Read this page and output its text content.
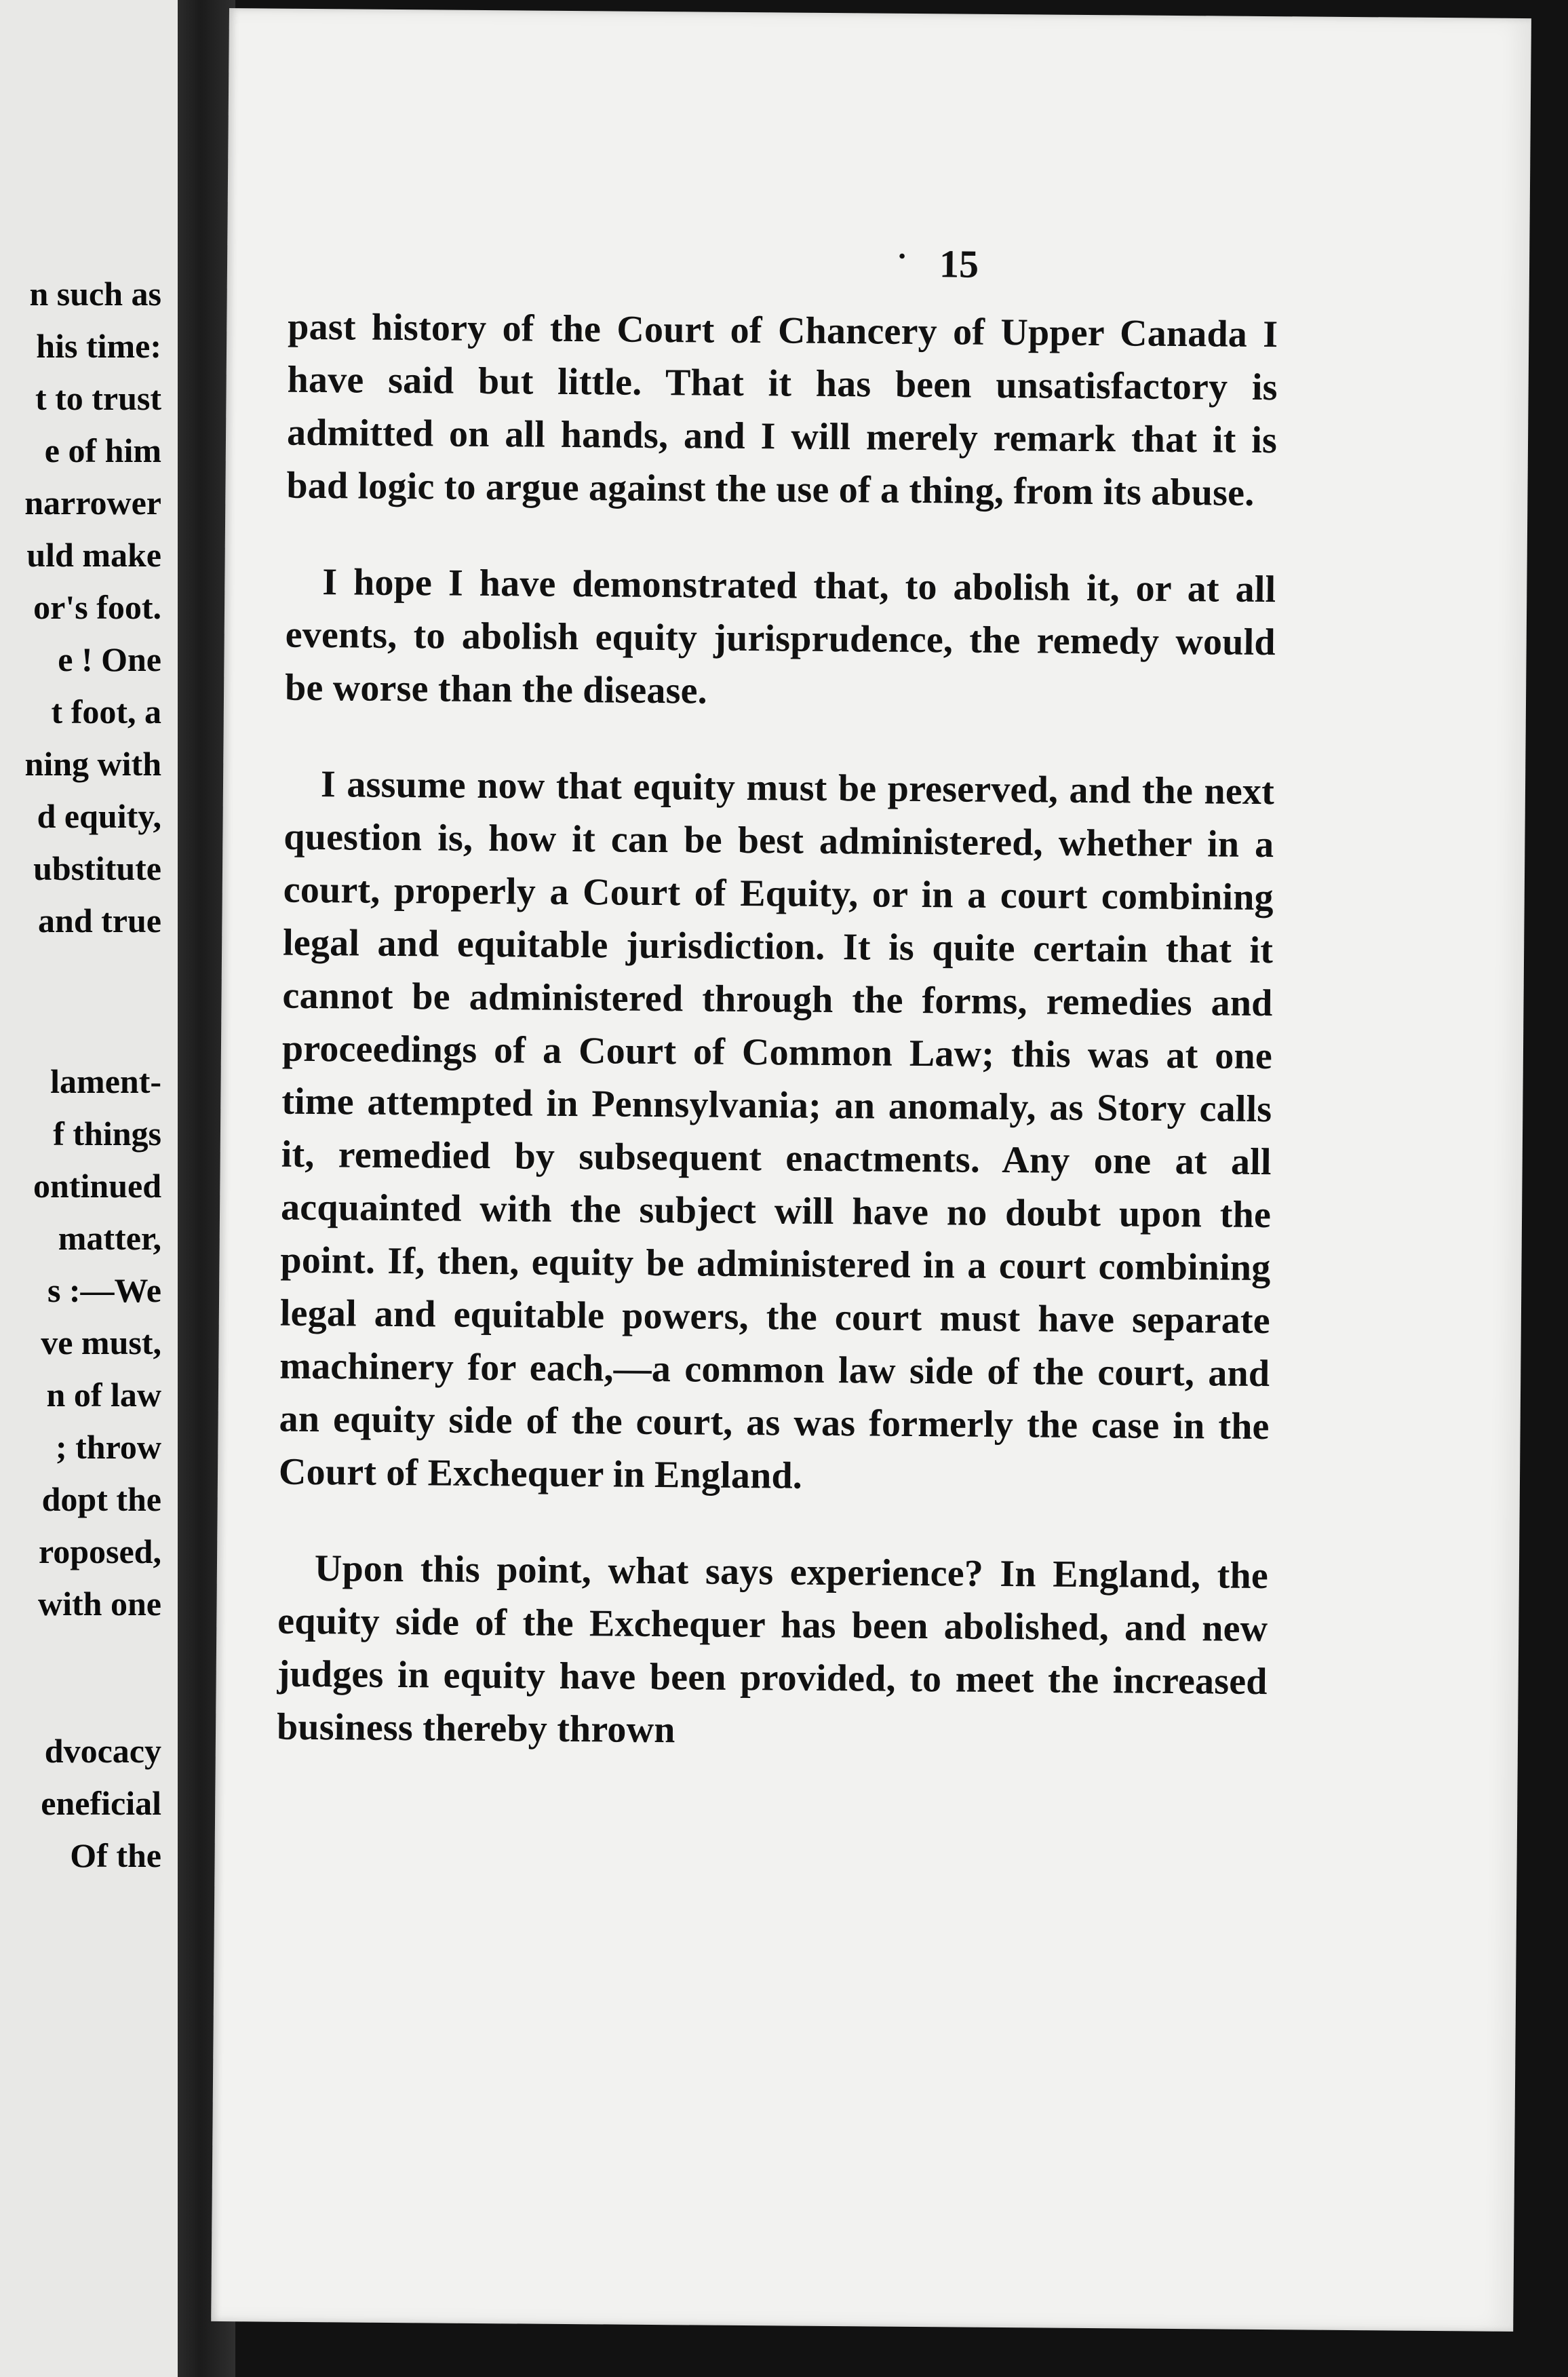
n such as
his time:
t to trust
e of him
narrower
uld make
or's foot.
e ! One
t foot, a
ning with
d equity,
ubstitute
and true
lament-
f things
ontinued
matter,
s :—We
ve must,
n of law
; throw
dopt the
roposed,
with one
dvocacy
eneficial
Of the
• 15

past history of the Court of Chancery of Upper Canada I have said but little. That it has been unsatisfactory is admitted on all hands, and I will merely remark that it is bad logic to argue against the use of a thing, from its abuse.

I hope I have demonstrated that, to abolish it, or at all events, to abolish equity jurisprudence, the remedy would be worse than the disease.

I assume now that equity must be preserved, and the next question is, how it can be best administered, whether in a court, properly a Court of Equity, or in a court combining legal and equitable jurisdiction. It is quite certain that it cannot be administered through the forms, remedies and proceedings of a Court of Common Law; this was at one time attempted in Pennsylvania; an anomaly, as Story calls it, remedied by subsequent enactments. Any one at all acquainted with the subject will have no doubt upon the point. If, then, equity be administered in a court combining legal and equitable powers, the court must have separate machinery for each,—a common law side of the court, and an equity side of the court, as was formerly the case in the Court of Exchequer in England.

Upon this point, what says experience? In England, the equity side of the Exchequer has been abolished, and new judges in equity have been provided, to meet the increased business thereby thrown
